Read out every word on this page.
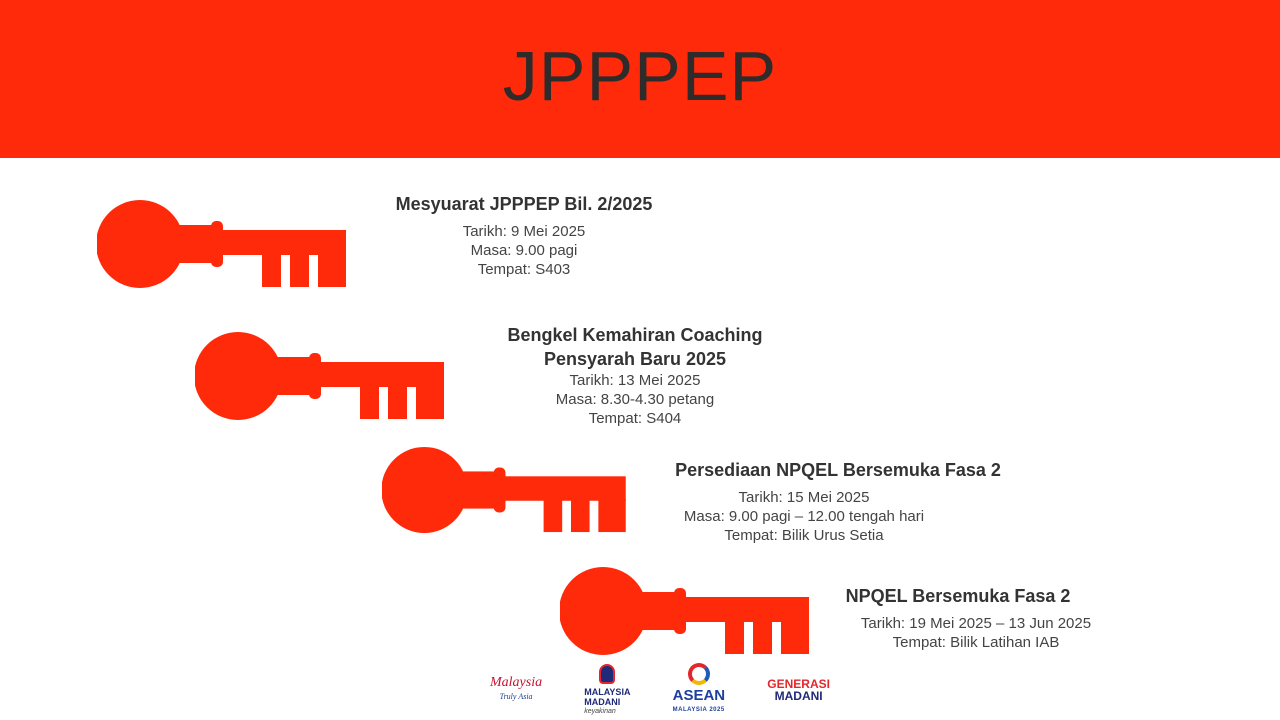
JPPPEP
Mesyuarat JPPPEP Bil. 2/2025
Tarikh: 9 Mei 2025
Masa: 9.00 pagi
Tempat: S403
Bengkel Kemahiran Coaching
Pensyarah Baru 2025
Tarikh: 13 Mei 2025
Masa: 8.30-4.30 petang
Tempat: S404
Persediaan NPQEL Bersemuka Fasa 2
Tarikh: 15 Mei 2025
Masa: 9.00 pagi – 12.00 tengah hari
Tempat: Bilik Urus Setia
NPQEL Bersemuka Fasa 2
Tarikh: 19 Mei 2025 – 13 Jun 2025
Tempat: Bilik Latihan IAB
Malaysia
Truly Asia	MALAYSIA
MADANI
keyakinan
ASEAN
MALAYSIA 2025
GENERASI
MADANI
